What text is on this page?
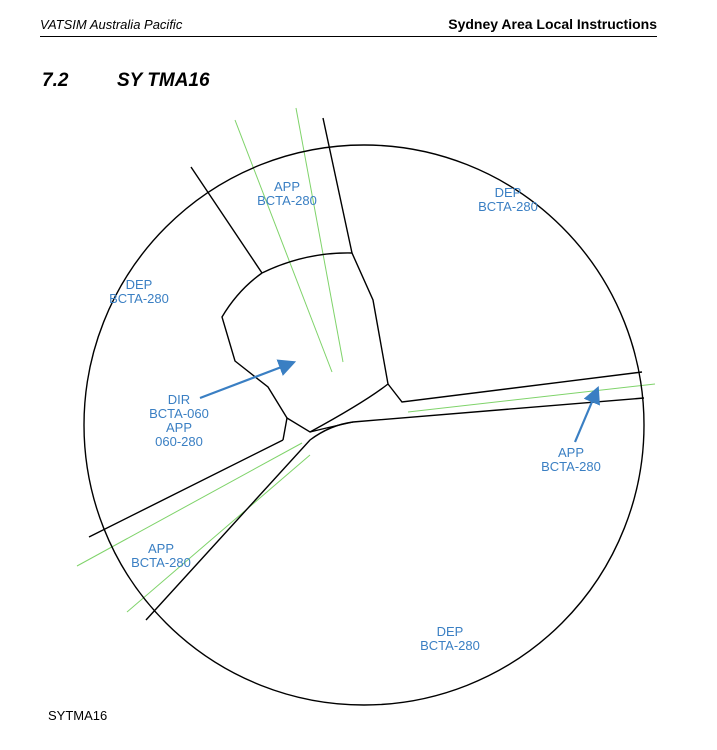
VATSIM Australia Pacific	Sydney Area Local Instructions
7.2	SY TMA16
APP
BCTA-280
DEP
BCTA-280
DEP
BCTA-280
DIR
BCTA-060
APP
060-280
APP
BCTA-280
APP
BCTA-280
DEP
BCTA-280
SYTMA16
